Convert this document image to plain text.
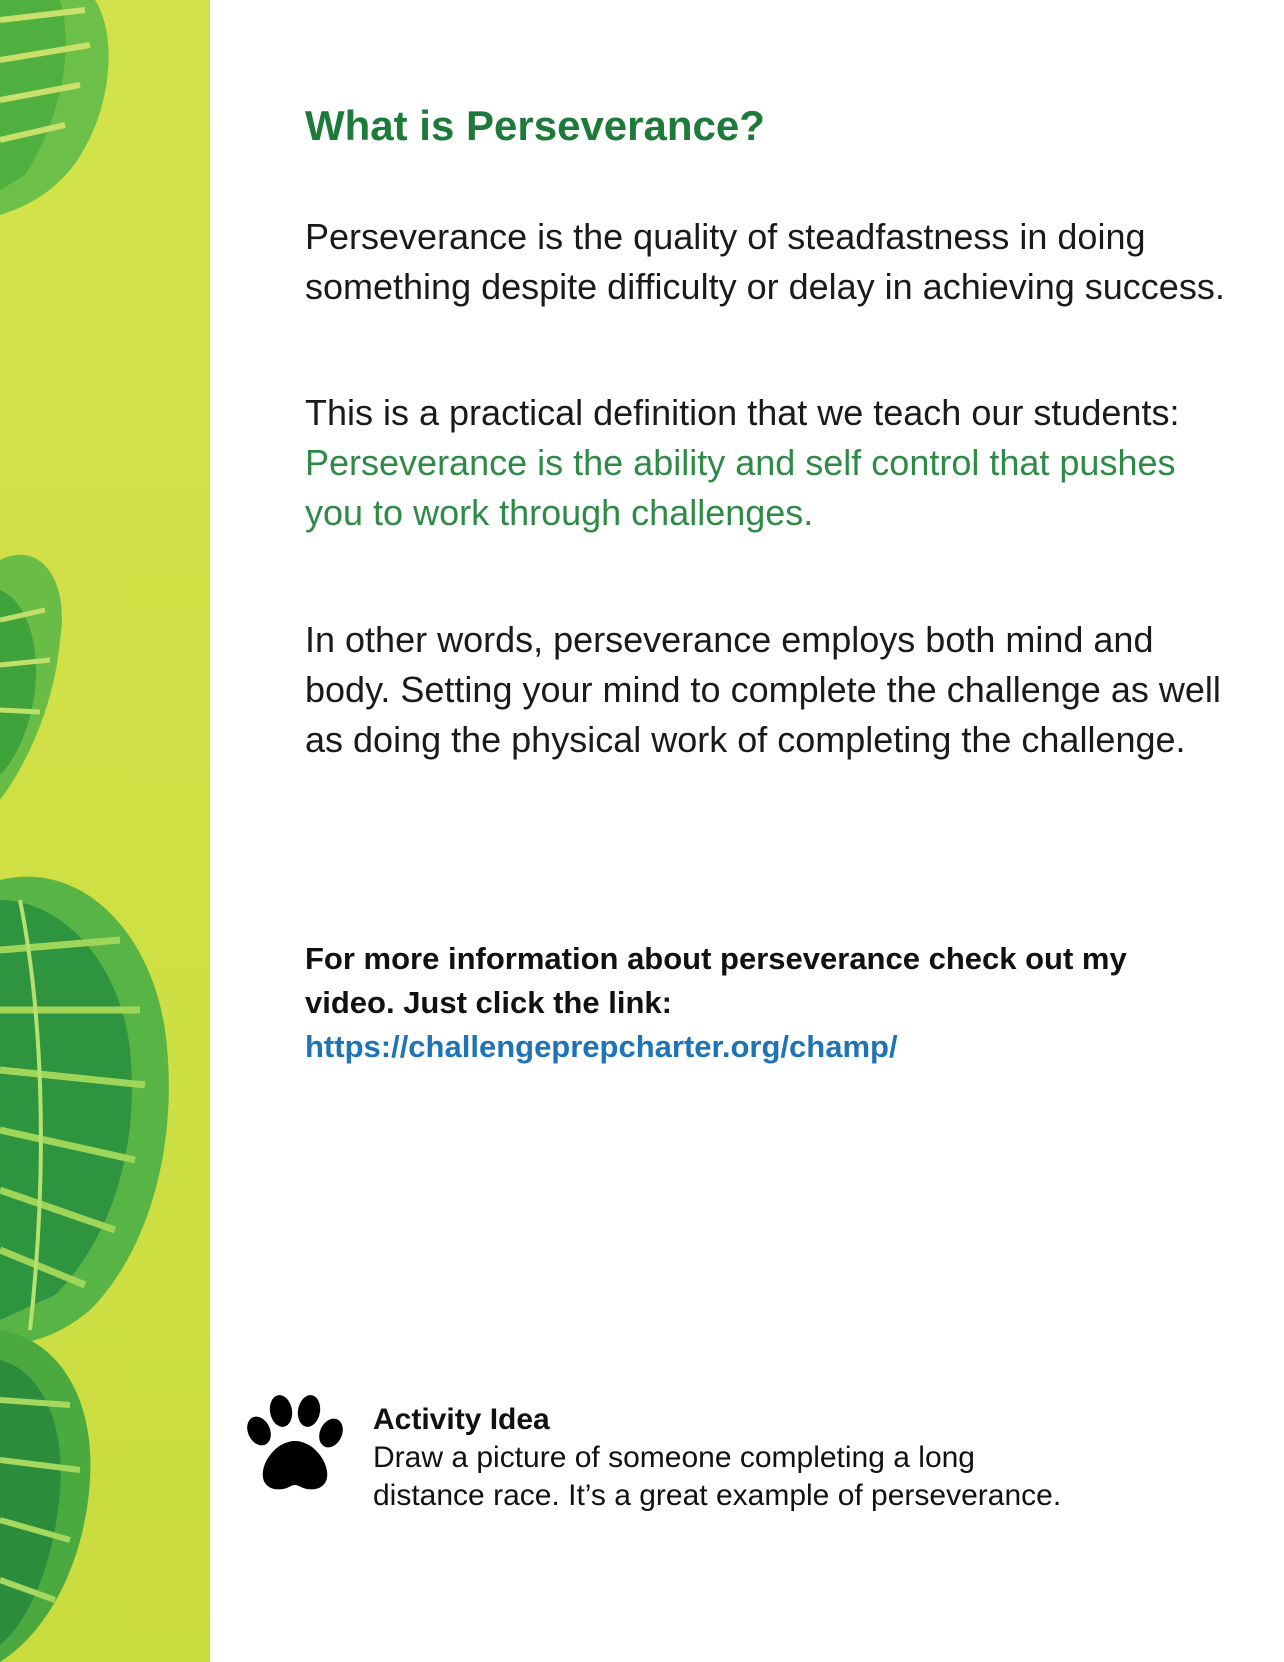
What is Perseverance?

Perseverance is the quality of steadfastness in doing something despite difficulty or delay in achieving success.

This is a practical definition that we teach our students: Perseverance is the ability and self control that pushes you to work through challenges.

In other words, perseverance employs both mind and body. Setting your mind to complete the challenge as well as doing the physical work of completing the challenge.

For more information about perseverance check out my video. Just click the link:
https://challengeprepcharter.org/champ/

Activity Idea

Draw a picture of someone completing a long distance race. It’s a great example of perseverance.
